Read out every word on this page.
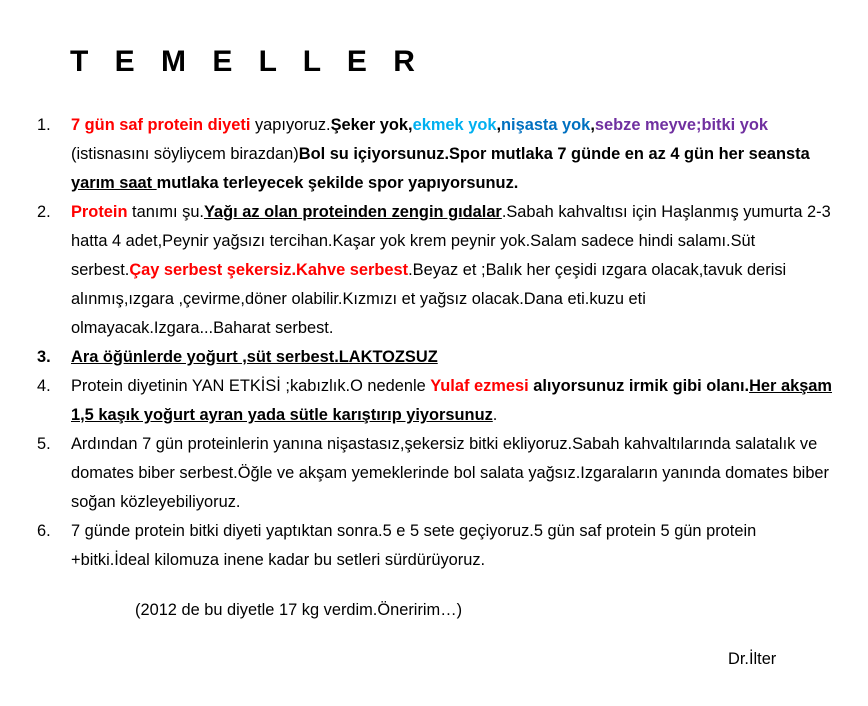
T E M E L L E R
1. 7 gün saf protein diyeti yapıyoruz.Şeker yok,ekmek yok,nişasta yok,sebze meyve;bitki yok (istisnasını söyliycem birazdan)Bol su içiyorsunuz.Spor mutlaka 7 günde en az 4 gün her seansta yarım saat mutlaka terleyecek şekilde spor yapıyorsunuz.
2. Protein tanımı şu.Yağı az olan proteinden zengin gıdalar.Sabah kahvaltısı için Haşlanmış yumurta 2-3 hatta 4 adet,Peynir yağsızı tercihan.Kaşar yok krem peynir yok.Salam sadece hindi salamı.Süt serbest.Çay serbest şekersiz.Kahve serbest.Beyaz et ;Balık her çeşidi ızgara olacak,tavuk derisi alınmış,ızgara ,çevirme,döner olabilir.Kızmızı et yağsız olacak.Dana eti.kuzu eti olmayacak.Izgara...Baharat serbest.
3. Ara öğünlerde yoğurt ,süt serbest.LAKTOZSUZ
4. Protein diyetinin YAN ETKİSİ ;kabızlık.O nedenle Yulaf ezmesi alıyorsunuz irmik gibi olanı.Her akşam 1,5 kaşık yoğurt ayran yada sütle karıştırıp yiyorsunuz.
5. Ardından 7 gün proteinlerin yanına nişastasız,şekersiz bitki ekliyoruz.Sabah kahvaltılarında salatalık ve domates biber serbest.Öğle ve akşam yemeklerinde bol salata yağsız.Izgaraların yanında domates biber soğan közleyebiliyoruz.
6. 7 günde protein bitki diyeti yaptıktan sonra.5 e 5 sete geçiyoruz.5 gün saf protein 5 gün protein +bitki.İdeal kilomuza inene kadar bu setleri sürdürüyoruz.

(2012 de bu diyetle 17 kg verdim.Öneririm…)

Dr.İlter
